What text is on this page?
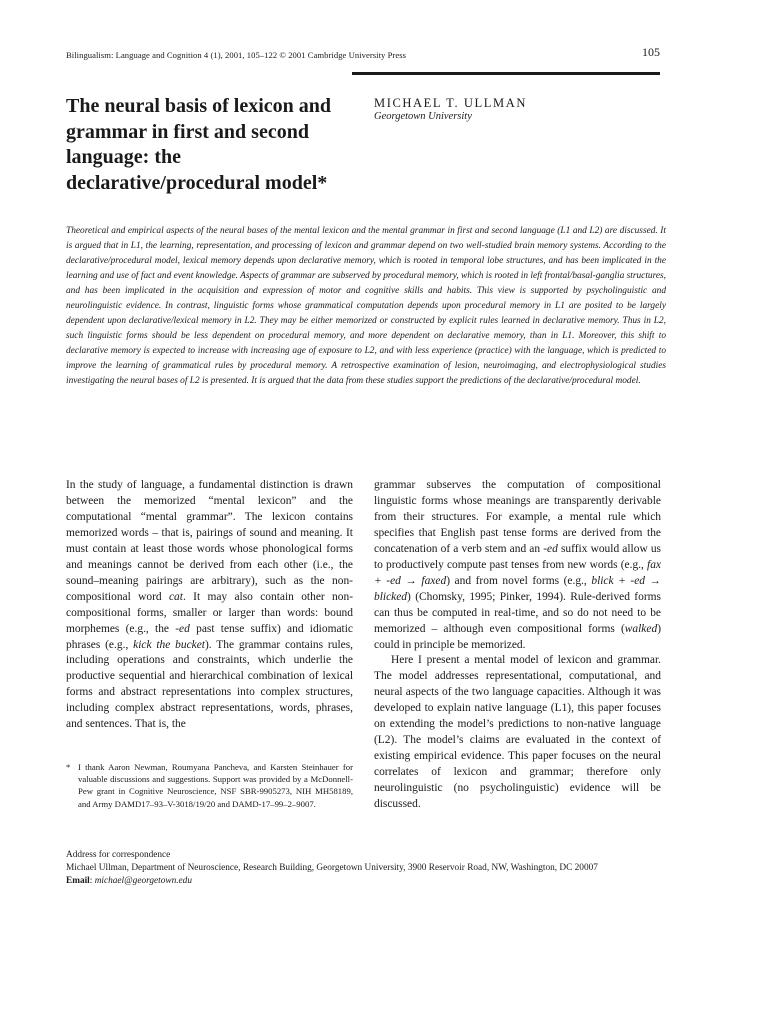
Bilingualism: Language and Cognition 4 (1), 2001, 105–122 © 2001 Cambridge University Press	105
The neural basis of lexicon and grammar in first and second language: the declarative/procedural model*
MICHAEL T. ULLMAN
Georgetown University

Theoretical and empirical aspects of the neural bases of the mental lexicon and the mental grammar in first and second language (L1 and L2) are discussed. It is argued that in L1, the learning, representation, and processing of lexicon and grammar depend on two well-studied brain memory systems. According to the declarative/procedural model, lexical memory depends upon declarative memory, which is rooted in temporal lobe structures, and has been implicated in the learning and use of fact and event knowledge. Aspects of grammar are subserved by procedural memory, which is rooted in left frontal/basal-ganglia structures, and has been implicated in the acquisition and expression of motor and cognitive skills and habits. This view is supported by psycholinguistic and neurolinguistic evidence. In contrast, linguistic forms whose grammatical computation depends upon procedural memory in L1 are posited to be largely dependent upon declarative/lexical memory in L2. They may be either memorized or constructed by explicit rules learned in declarative memory. Thus in L2, such linguistic forms should be less dependent on procedural memory, and more dependent on declarative memory, than in L1. Moreover, this shift to declarative memory is expected to increase with increasing age of exposure to L2, and with less experience (practice) with the language, which is predicted to improve the learning of grammatical rules by procedural memory. A retrospective examination of lesion, neuroimaging, and electrophysiological studies investigating the neural bases of L2 is presented. It is argued that the data from these studies support the predictions of the declarative/procedural model.

In the study of language, a fundamental distinction is drawn between the memorized “mental lexicon” and the computational “mental grammar”. The lexicon contains memorized words – that is, pairings of sound and meaning. It must contain at least those words whose phonological forms and meanings cannot be derived from each other (i.e., the sound–meaning pairings are arbitrary), such as the non-compositional word cat. It may also contain other non-compositional forms, smaller or larger than words: bound morphemes (e.g., the -ed past tense suffix) and idiomatic phrases (e.g., kick the bucket). The grammar contains rules, including operations and constraints, which underlie the productive sequential and hierarchical combination of lexical forms and abstract representations into complex structures, including complex abstract representations, words, phrases, and sentences. That is, the

grammar subserves the computation of compositional linguistic forms whose meanings are transparently derivable from their structures. For example, a mental rule which specifies that English past tense forms are derived from the concatenation of a verb stem and an -ed suffix would allow us to productively compute past tenses from new words (e.g., fax + -ed → faxed) and from novel forms (e.g., blick + -ed → blicked) (Chomsky, 1995; Pinker, 1994). Rule-derived forms can thus be computed in real-time, and so do not need to be memorized – although even compositional forms (walked) could in principle be memorized.

Here I present a mental model of lexicon and grammar. The model addresses representational, computational, and neural aspects of the two language capacities. Although it was developed to explain native language (L1), this paper focuses on extending the model’s predictions to non-native language (L2). The model’s claims are evaluated in the context of existing empirical evidence. This paper focuses on the neural correlates of lexicon and grammar; therefore only neurolinguistic (no psycholinguistic) evidence will be discussed.

* I thank Aaron Newman, Roumyana Pancheva, and Karsten Steinhauer for valuable discussions and suggestions. Support was provided by a McDonnell-Pew grant in Cognitive Neuroscience, NSF SBR-9905273, NIH MH58189, and Army DAMD17–93–V-3018/19/20 and DAMD-17–99–2–9007.
Address for correspondence
Michael Ullman, Department of Neuroscience, Research Building, Georgetown University, 3900 Reservoir Road, NW, Washington, DC 20007
Email: michael@georgetown.edu
